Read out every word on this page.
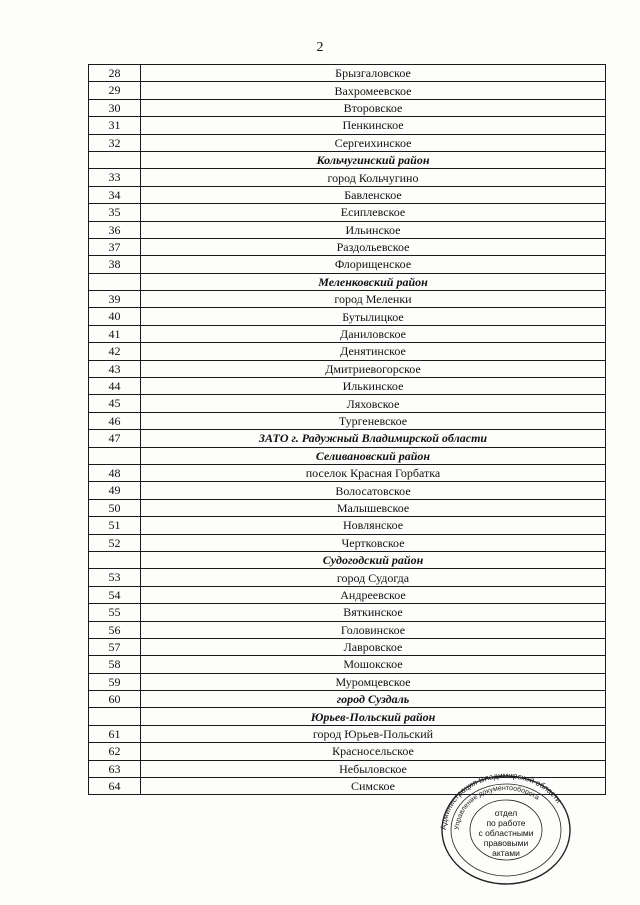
2
28	Брызгаловское
29	Вахромеевское
30	Второвское
31	Пенкинское
32	Сергеихинское
	Кольчугинский район
33	город Кольчугино
34	Бавленское
35	Есиплевское
36	Ильинское
37	Раздольевское
38	Флорищенское
	Меленковский район
39	город Меленки
40	Бутылицкое
41	Даниловское
42	Денятинское
43	Дмитриевогорское
44	Илькинское
45	Ляховское
46	Тургеневское
47	ЗАТО г. Радужный Владимирской области
	Селивановский район
48	поселок Красная Горбатка
49	Волосатовское
50	Малышевское
51	Новлянское
52	Чертковское
	Судогодский район
53	город Судогда
54	Андреевское
55	Вяткинское
56	Головинское
57	Лавровское
58	Мошокское
59	Муромцевское
60	город Суздаль
	Юрьев-Польский район
61	город Юрьев-Польский
62	Красносельское
63	Небыловское
64	Симское
Администрация Владимирской области
Управление документооборота
отдел
по работе
с областными
правовыми
актами
